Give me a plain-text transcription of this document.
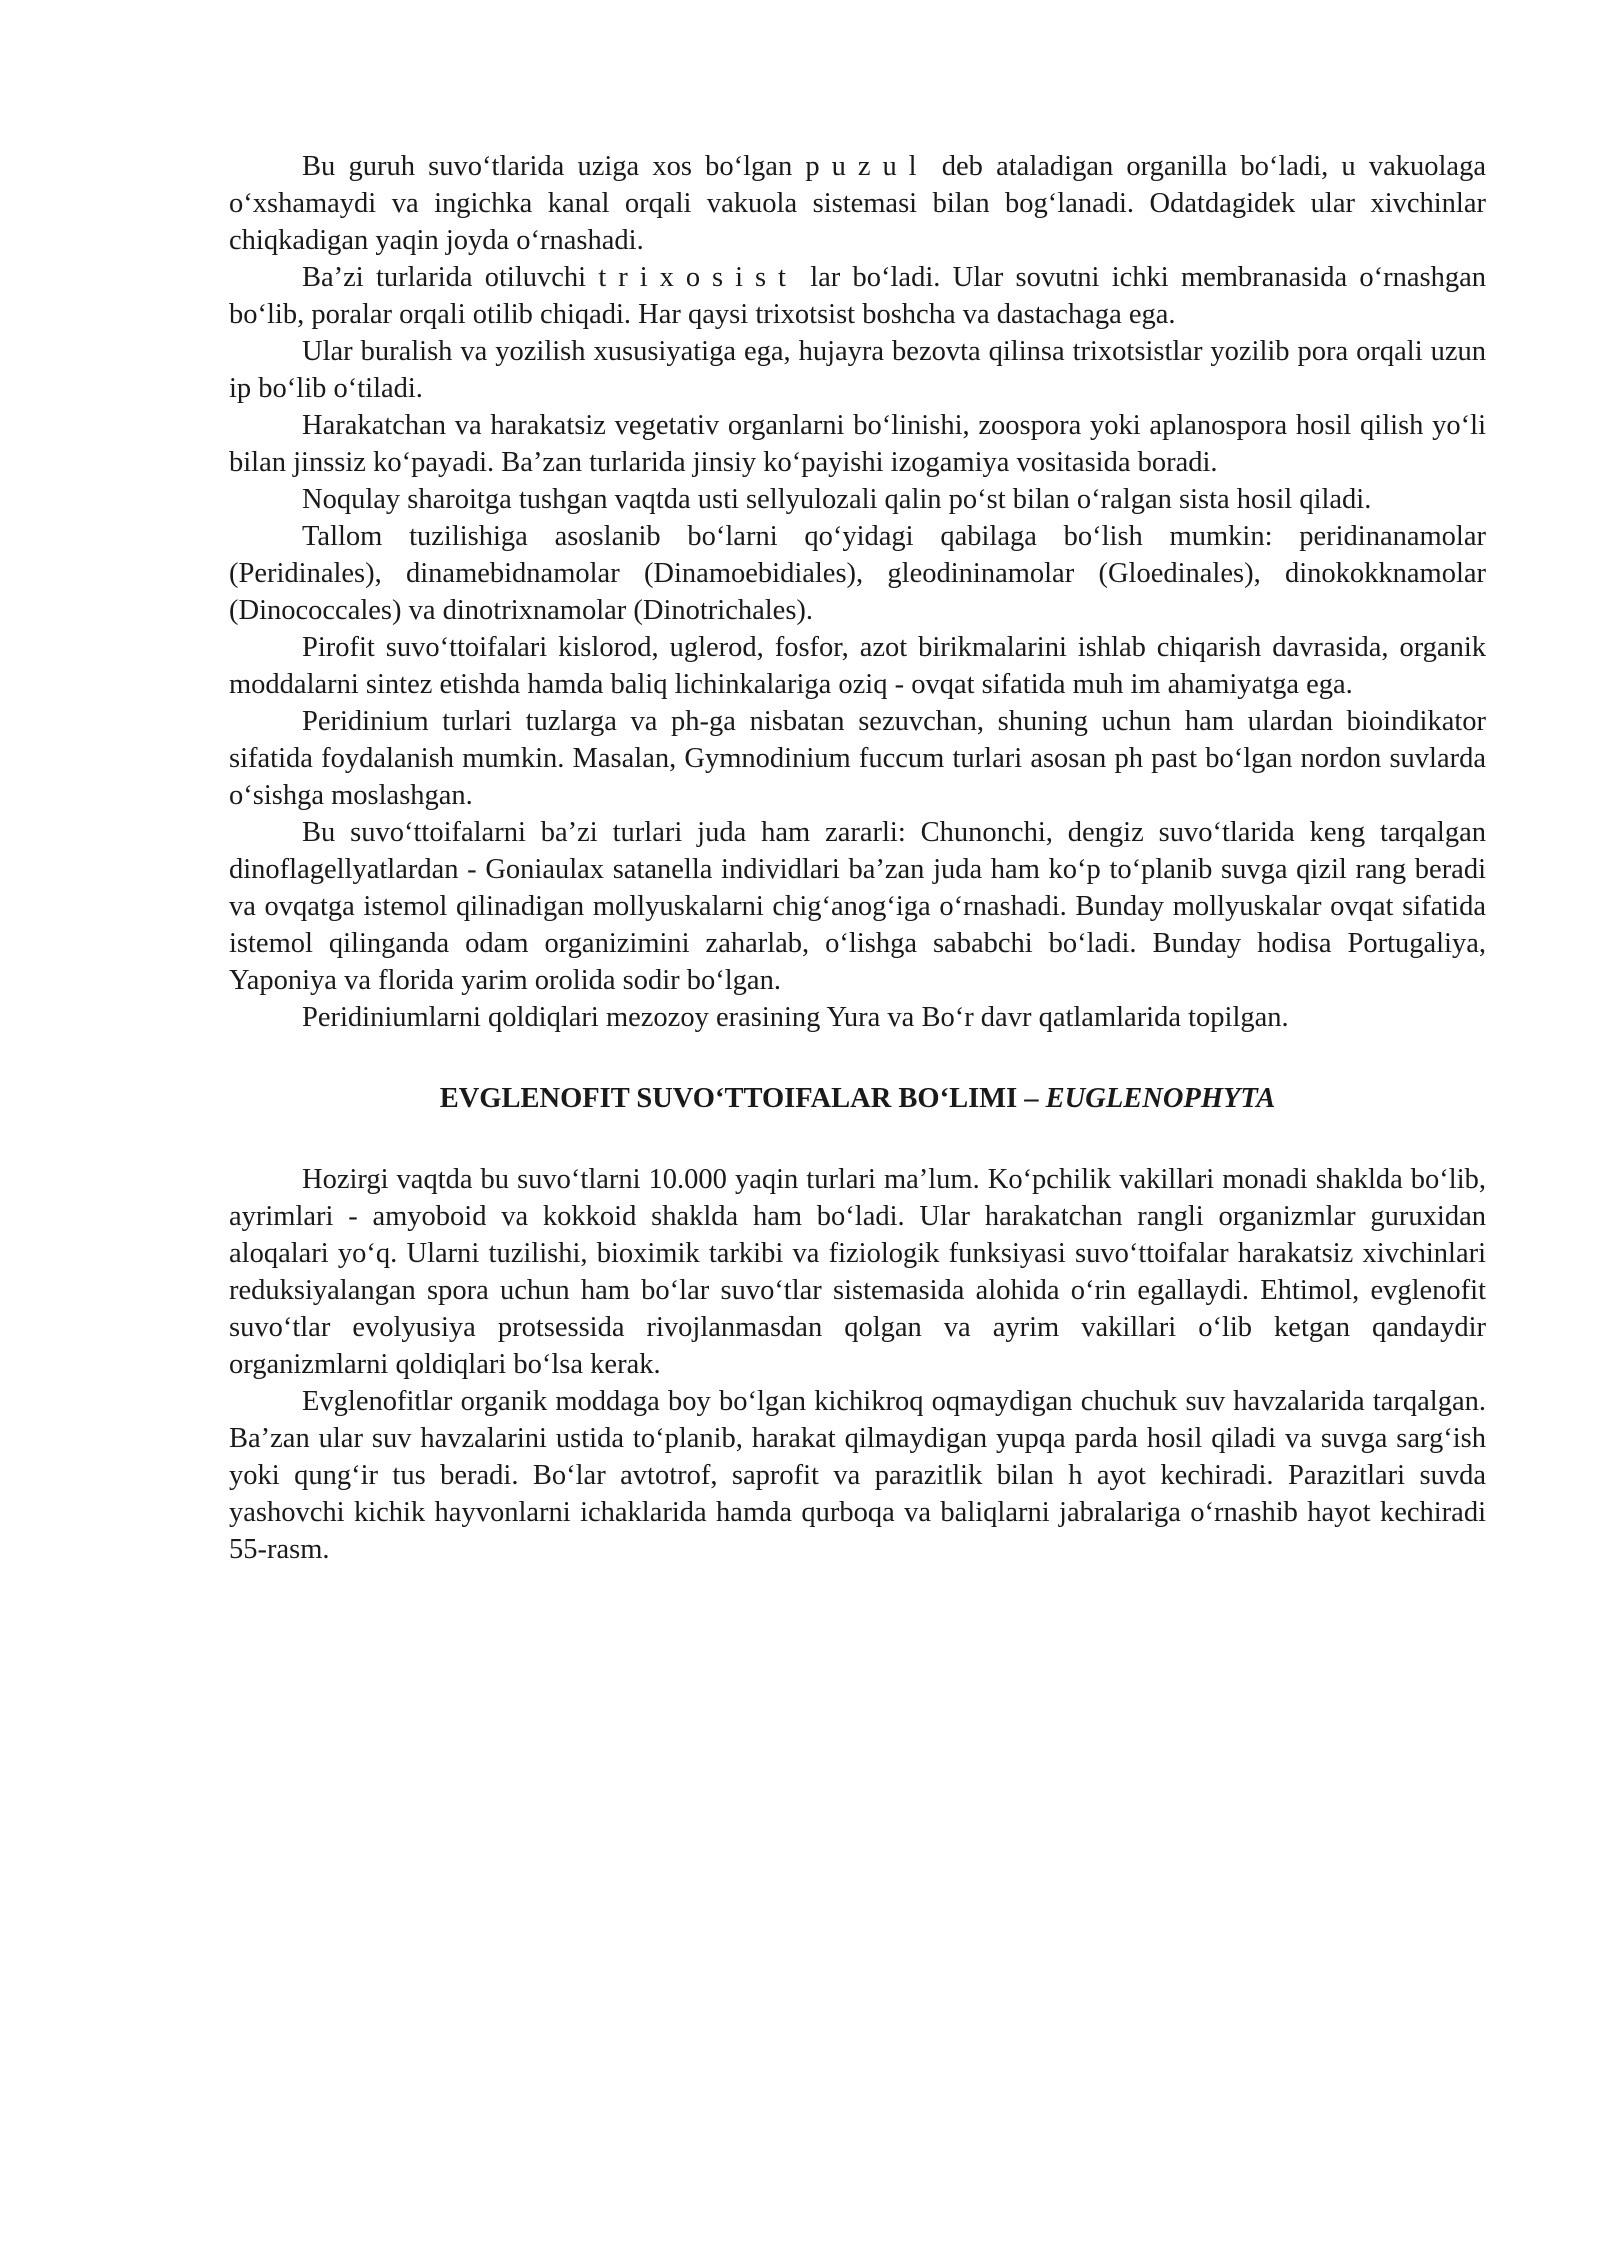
Bu guruh suvo‘tlarida uziga xos bo‘lgan puzul deb ataladigan organilla bo‘ladi, u vakuolaga o‘xshamaydi va ingichka kanal orqali vakuola sistemasi bilan bog‘lanadi. Odatdagidek ular xivchinlar chiqkadigan yaqin joyda o‘rnashadi.

Ba’zi turlarida otiluvchi trixosist lar bo‘ladi. Ular sovutni ichki membranasida o‘rnashgan bo‘lib, poralar orqali otilib chiqadi. Har qaysi trixotsist boshcha va dastachaga ega.

Ular buralish va yozilish xususiyatiga ega, hujayra bezovta qilinsa trixotsistlar yozilib pora orqali uzun ip bo‘lib o‘tiladi.

Harakatchan va harakatsiz vegetativ organlarni bo‘linishi, zoospora yoki aplanospora hosil qilish yo‘li bilan jinssiz ko‘payadi. Ba’zan turlarida jinsiy ko‘payishi izogamiya vositasida boradi.

Noqulay sharoitga tushgan vaqtda usti sellyulozali qalin po‘st bilan o‘ralgan sista hosil qiladi.

Tallom tuzilishiga asoslanib bo‘larni qo‘yidagi qabilaga bo‘lish mumkin: peridinanamolar (Peridinales), dinamebidnamolar (Dinamoebidiales), gleodininamolar (Gloedinales), dinokokknamolar (Dinococcales) va dinotrixnamolar (Dinotrichales).

Pirofit suvo‘ttoifalari kislorod, uglerod, fosfor, azot birikmalarini ishlab chiqarish davrasida, organik moddalarni sintez etishda hamda baliq lichinkalariga oziq - ovqat sifatida muh im ahamiyatga ega.

Peridinium turlari tuzlarga va ph-ga nisbatan sezuvchan, shuning uchun ham ulardan bioindikator sifatida foydalanish mumkin. Masalan, Gymnodinium fuccum turlari asosan ph past bo‘lgan nordon suvlarda o‘sishga moslashgan.

Bu suvo‘ttoifalarni ba’zi turlari juda ham zararli: Chunonchi, dengiz suvo‘tlarida keng tarqalgan dinoflagellyatlardan - Goniaulax satanella individlari ba’zan juda ham ko‘p to‘planib suvga qizil rang beradi va ovqatga istemol qilinadigan mollyuskalarni chig‘anog‘iga o‘rnashadi. Bunday mollyuskalar ovqat sifatida istemol qilinganda odam organizimini zaharlab, o‘lishga sababchi bo‘ladi. Bunday hodisa Portugaliya, Yaponiya va florida yarim orolida sodir bo‘lgan.

Peridiniumlarni qoldiqlari mezozoy erasining Yura va Bo‘r davr qatlamlarida topilgan.

EVGLENOFIT SUVO‘TTOIFALAR BO‘LIMI – EUGLENOPHYTA

Hozirgi vaqtda bu suvo‘tlarni 10.000 yaqin turlari ma’lum. Ko‘pchilik vakillari monadi shaklda bo‘lib, ayrimlari - amyoboid va kokkoid shaklda ham bo‘ladi. Ular harakatchan rangli organizmlar guruxidan aloqalari yo‘q. Ularni tuzilishi, bioximik tarkibi va fiziologik funksiyasi suvo‘ttoifalar harakatsiz xivchinlari reduksiyalangan spora uchun ham bo‘lar suvo‘tlar sistemasida alohida o‘rin egallaydi. Ehtimol, evglenofit suvo‘tlar evolyusiya protsessida rivojlanmasdan qolgan va ayrim vakillari o‘lib ketgan qandaydir organizmlarni qoldiqlari bo‘lsa kerak.

Evglenofitlar organik moddaga boy bo‘lgan kichikroq oqmaydigan chuchuk suv havzalarida tarqalgan. Ba’zan ular suv havzalarini ustida to‘planib, harakat qilmaydigan yupqa parda hosil qiladi va suvga sarg‘ish yoki qung‘ir tus beradi. Bo‘lar avtotrof, saprofit va parazitlik bilan h ayot kechiradi. Parazitlari suvda yashovchi kichik hayvonlarni ichaklarida hamda qurboqa va baliqlarni jabralariga o‘rnashib hayot kechiradi 55-rasm.
